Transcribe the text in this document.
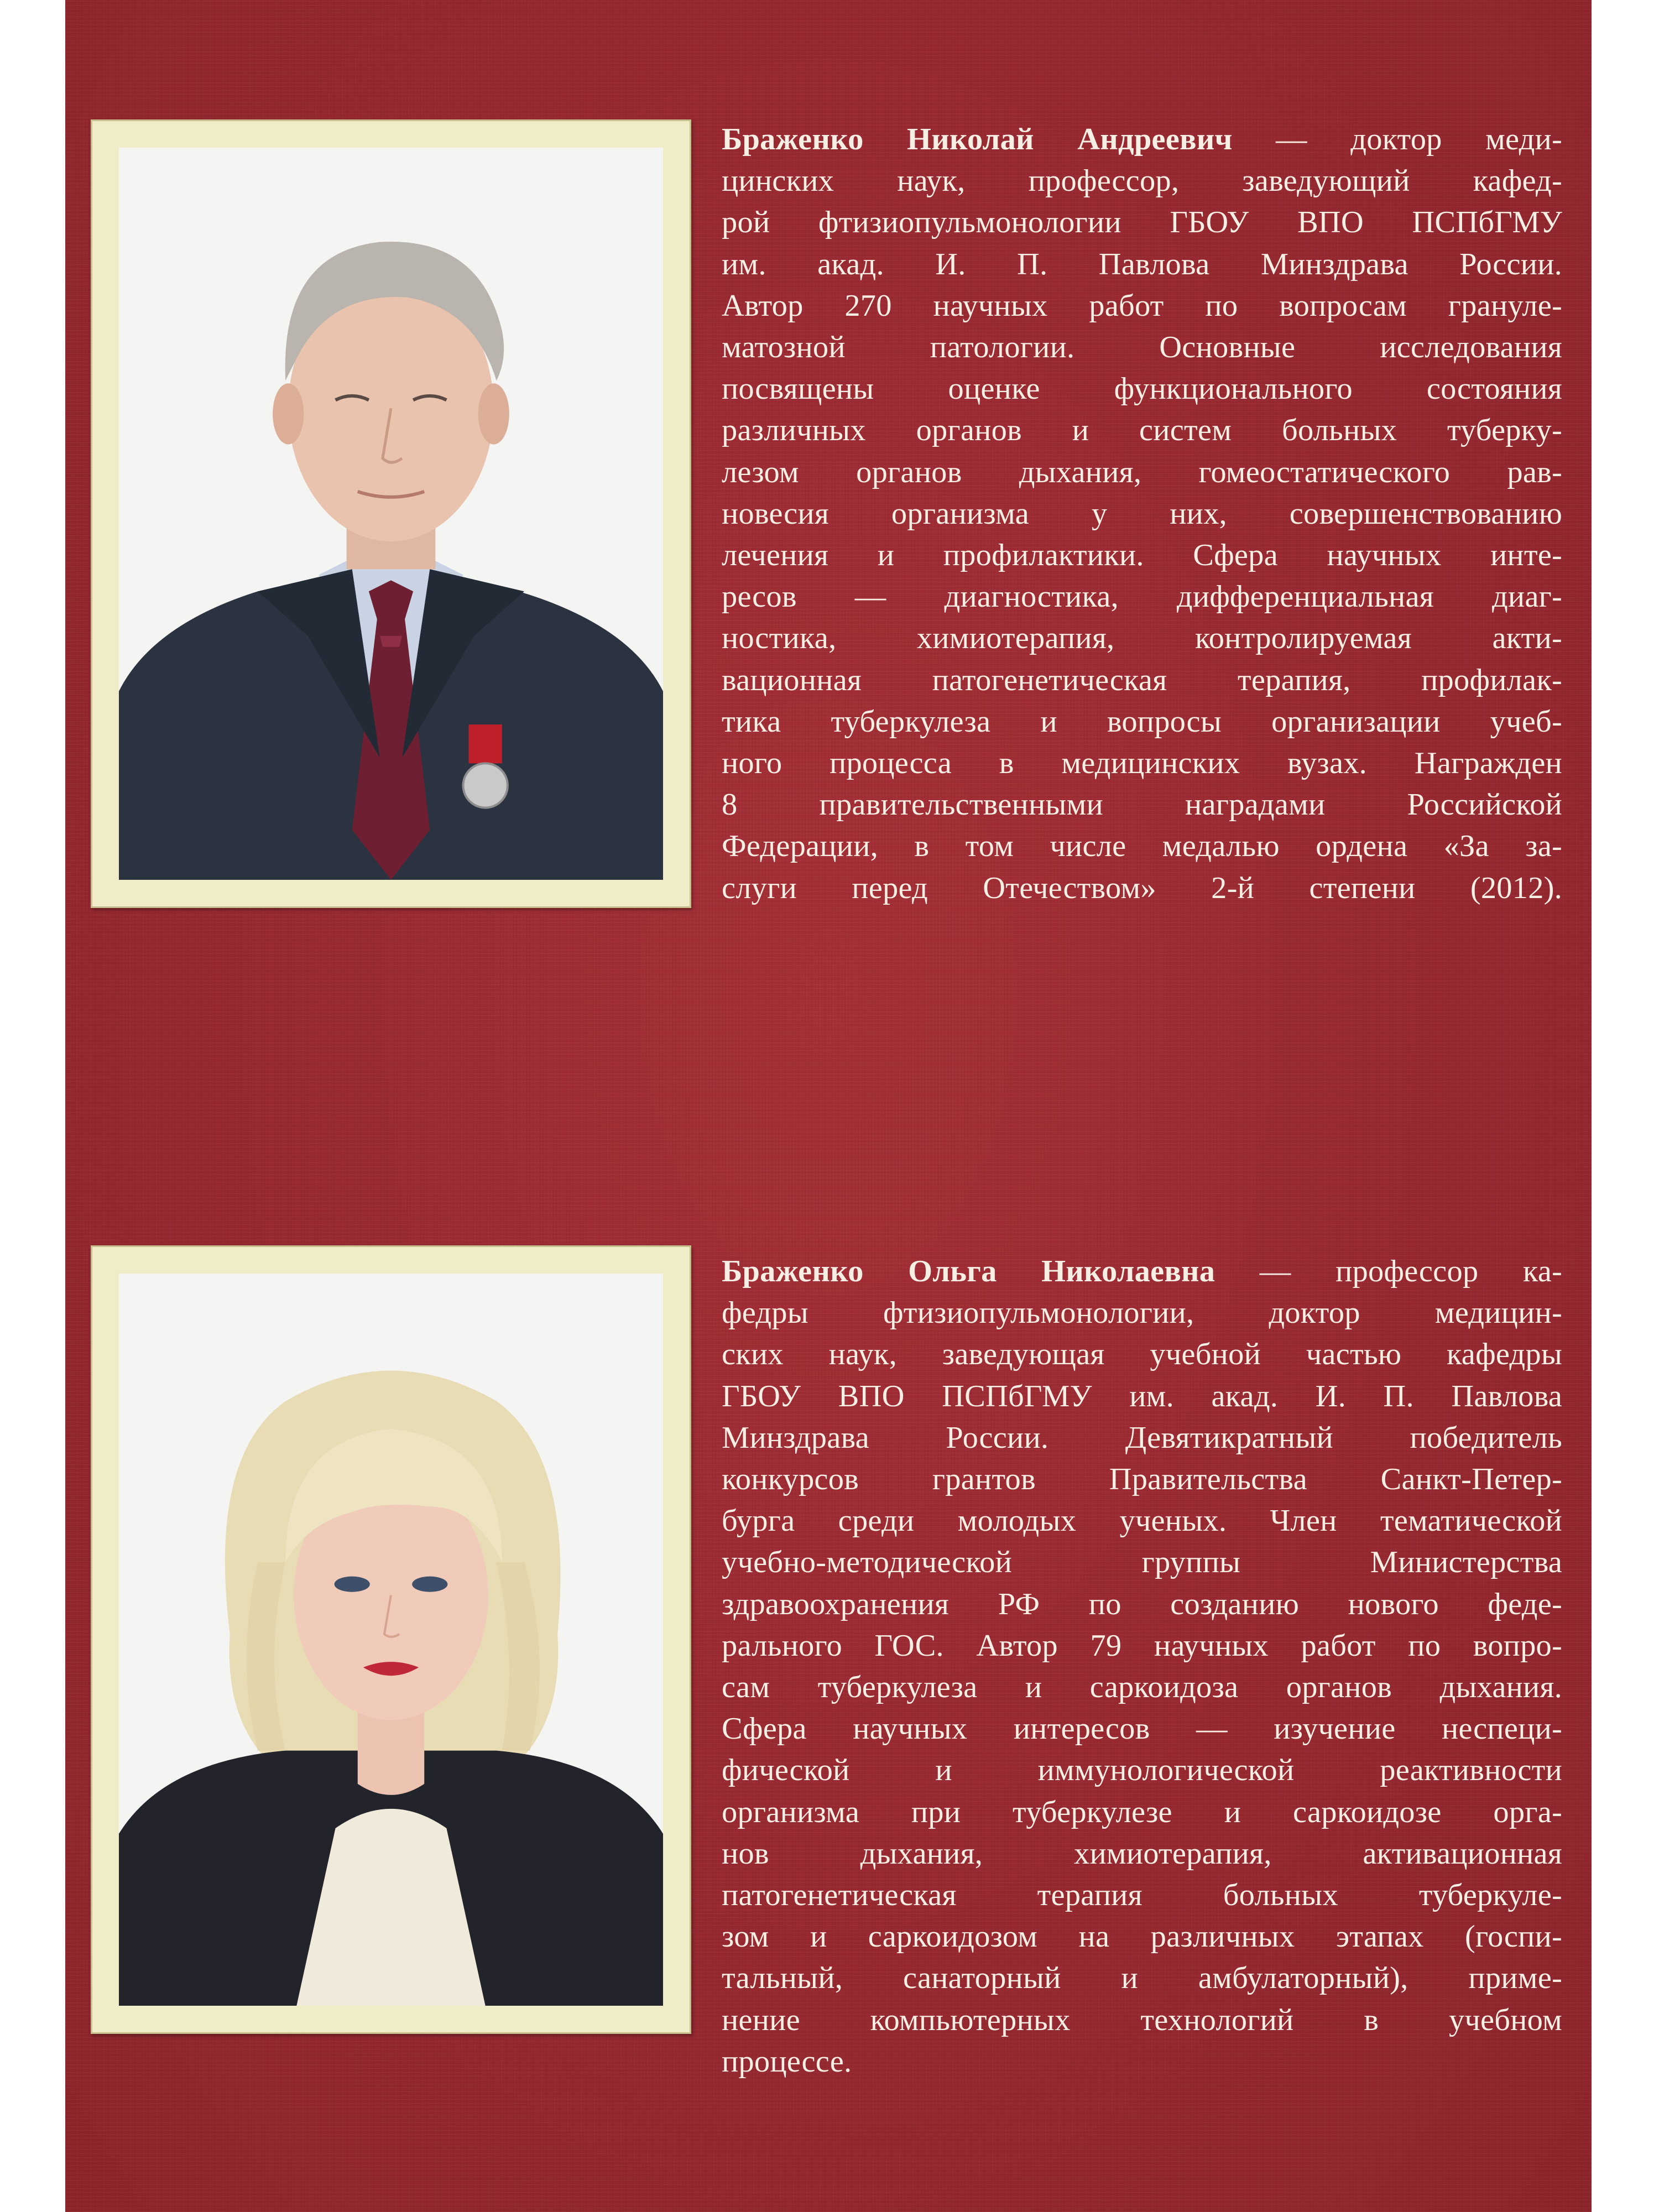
Браженко Николай Андреевич — доктор меди-
цинских наук, профессор, заведующий кафед-
рой фтизиопульмонологии ГБОУ ВПО ПСПбГМУ
им. акад. И. П. Павлова Минздрава России.
Автор 270 научных работ по вопросам грануле-
матозной патологии. Основные исследования
посвящены оценке функционального состояния
различных органов и систем больных туберку-
лезом органов дыхания, гомеостатического рав-
новесия организма у них, совершенствованию
лечения и профилактики. Сфера научных инте-
ресов — диагностика, дифференциальная диаг-
ностика, химиотерапия, контролируемая акти-
вационная патогенетическая терапия, профилак-
тика туберкулеза и вопросы организации учеб-
ного процесса в медицинских вузах. Награжден
8 правительственными наградами Российской
Федерации, в том числе медалью ордена «За за-
слуги перед Отечеством» 2-й степени (2012).
Браженко Ольга Николаевна — профессор ка-
федры фтизиопульмонологии, доктор медицин-
ских наук, заведующая учебной частью кафедры
ГБОУ ВПО ПСПбГМУ им. акад. И. П. Павлова
Минздрава России. Девятикратный победитель
конкурсов грантов Правительства Санкт-Петер-
бурга среди молодых ученых. Член тематической
учебно-методической группы Министерства
здравоохранения РФ по созданию нового феде-
рального ГОС. Автор 79 научных работ по вопро-
сам туберкулеза и саркоидоза органов дыхания.
Сфера научных интересов — изучение неспеци-
фической и иммунологической реактивности
организма при туберкулезе и саркоидозе орга-
нов дыхания, химиотерапия, активационная
патогенетическая терапия больных туберкуле-
зом и саркоидозом на различных этапах (госпи-
тальный, санаторный и амбулаторный), приме-
нение компьютерных технологий в учебном
процессе.
